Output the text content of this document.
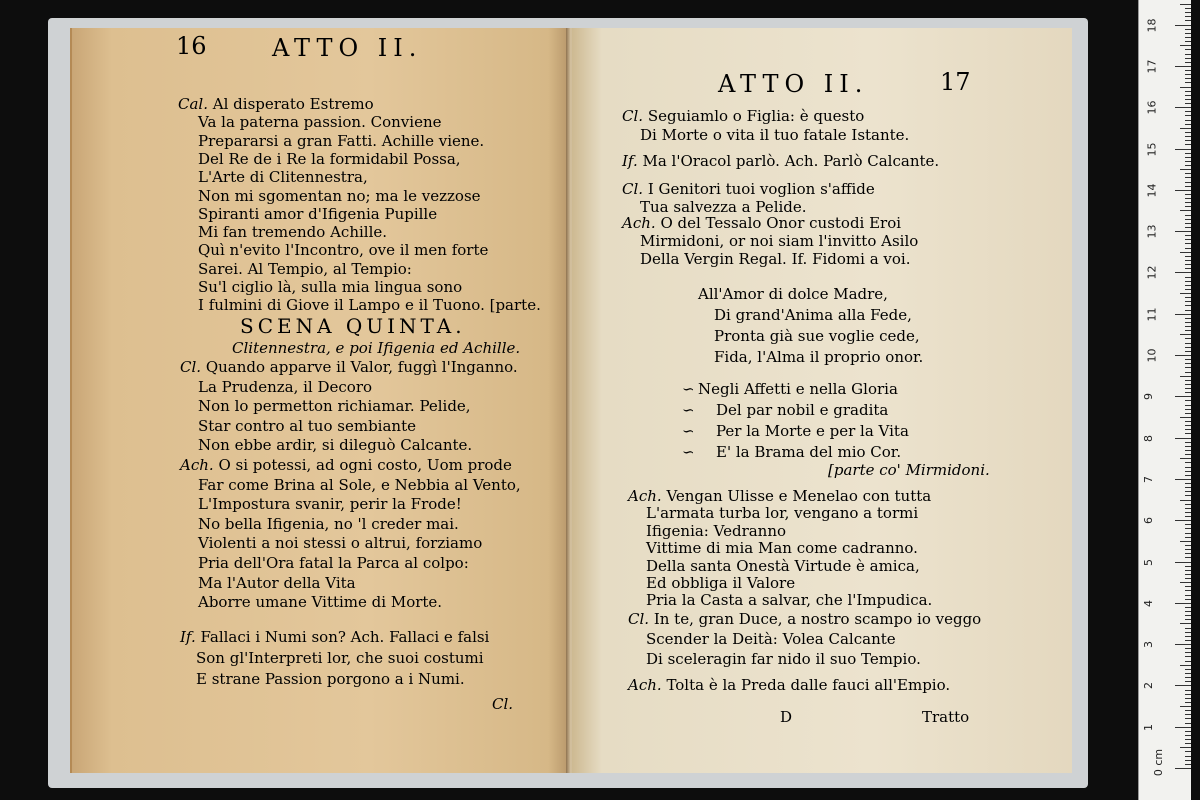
16	ATTO II.
Cal. Al disperato Estremo
Va la paterna passion. Conviene
Prepararsi a gran Fatti. Achille viene.
Del Re de i Re la formidabil Possa,
L'Arte di Clitennestra,
Non mi sgomentan no; ma le vezzose
Spiranti amor d'Ifigenia Pupille
Mi fan tremendo Achille.
Quì n'evito l'Incontro, ove il men forte
Sarei. Al Tempio, al Tempio:
Su'l ciglio là, sulla mia lingua sono
I fulmini di Giove il Lampo e il Tuono. [parte.
SCENA QUINTA.
Clitennestra, e poi Ifigenia ed Achille.
Cl. Quando apparve il Valor, fuggì l'Inganno.
La Prudenza, il Decoro
Non lo permetton richiamar. Pelide,
Star contro al tuo sembiante
Non ebbe ardir, si dileguò Calcante.
Ach. O si potessi, ad ogni costo, Uom prode
Far come Brina al Sole, e Nebbia al Vento,
L'Impostura svanir, perir la Frode!
No bella Ifigenia, no 'l creder mai.
Violenti a noi stessi o altrui, forziamo
Pria dell'Ora fatal la Parca al colpo:
Ma l'Autor della Vita
Aborre umane Vittime di Morte.
If. Fallaci i Numi son? Ach. Fallaci e falsi
Son gl'Interpreti lor, che suoi costumi
E strane Passion porgono a i Numi.
Cl.
ATTO II.	17
Cl. Seguiamlo o Figlia: è questo
Di Morte o vita il tuo fatale Istante.
If. Ma l'Oracol parlò. Ach. Parlò Calcante.
Cl. I Genitori tuoi voglion s'affide
Tua salvezza a Pelide.
Ach. O del Tessalo Onor custodi Eroi
Mirmidoni, or noi siam l'invitto Asilo
Della Vergin Regal. If. Fidomi a voi.
All'Amor di dolce Madre,
Di grand'Anima alla Fede,
Pronta già sue voglie cede,
Fida, l'Alma il proprio onor.
∽ Negli Affetti e nella Gloria
∽ Del par nobil e gradita
∽ Per la Morte e per la Vita
∽ E' la Brama del mio Cor.
[parte co' Mirmidoni.
Ach. Vengan Ulisse e Menelao con tutta
L'armata turba lor, vengano a tormi
Ifigenia: Vedranno
Vittime di mia Man come cadranno.
Della santa Onestà Virtude è amica,
Ed obbliga il Valore
Pria la Casta a salvar, che l'Impudica.
Cl. In te, gran Duce, a nostro scampo io veggo
Scender la Deità: Volea Calcante
Di sceleragin far nido il suo Tempio.
Ach. Tolta è la Preda dalle fauci all'Empio.
D	Tratto
0 cm
1
2
3
4
5
6
7
8
9
10
11
12
13
14
15
16
17
18
